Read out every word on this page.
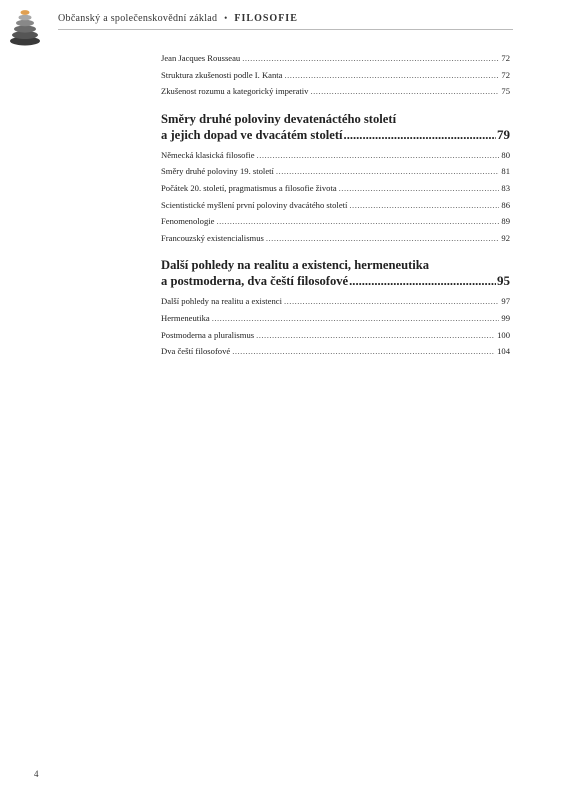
Občanský a společenskovědní základ • FILOSOFIE
Jean Jacques Rousseau .....	72
Struktura zkušenosti podle I. Kanta .....	72
Zkušenost rozumu a kategorický imperativ .....	75
Směry druhé poloviny devatenáctého století
a jejich dopad ve dvacátém století .....	79
Německá klasická filosofie .....	80
Směry druhé poloviny 19. století .....	81
Počátek 20. století, pragmatismus a filosofie života .....	83
Scientistické myšlení první poloviny dvacátého století .....	86
Fenomenologie .....	89
Francouzský existencialismus .....	92
Další pohledy na realitu a existenci, hermeneutika
a postmoderna, dva čeští filosofové .....	95
Další pohledy na realitu a existenci .....	97
Hermeneutika .....	99
Postmoderna a pluralismus .....	100
Dva čeští filosofové .....	104
4
